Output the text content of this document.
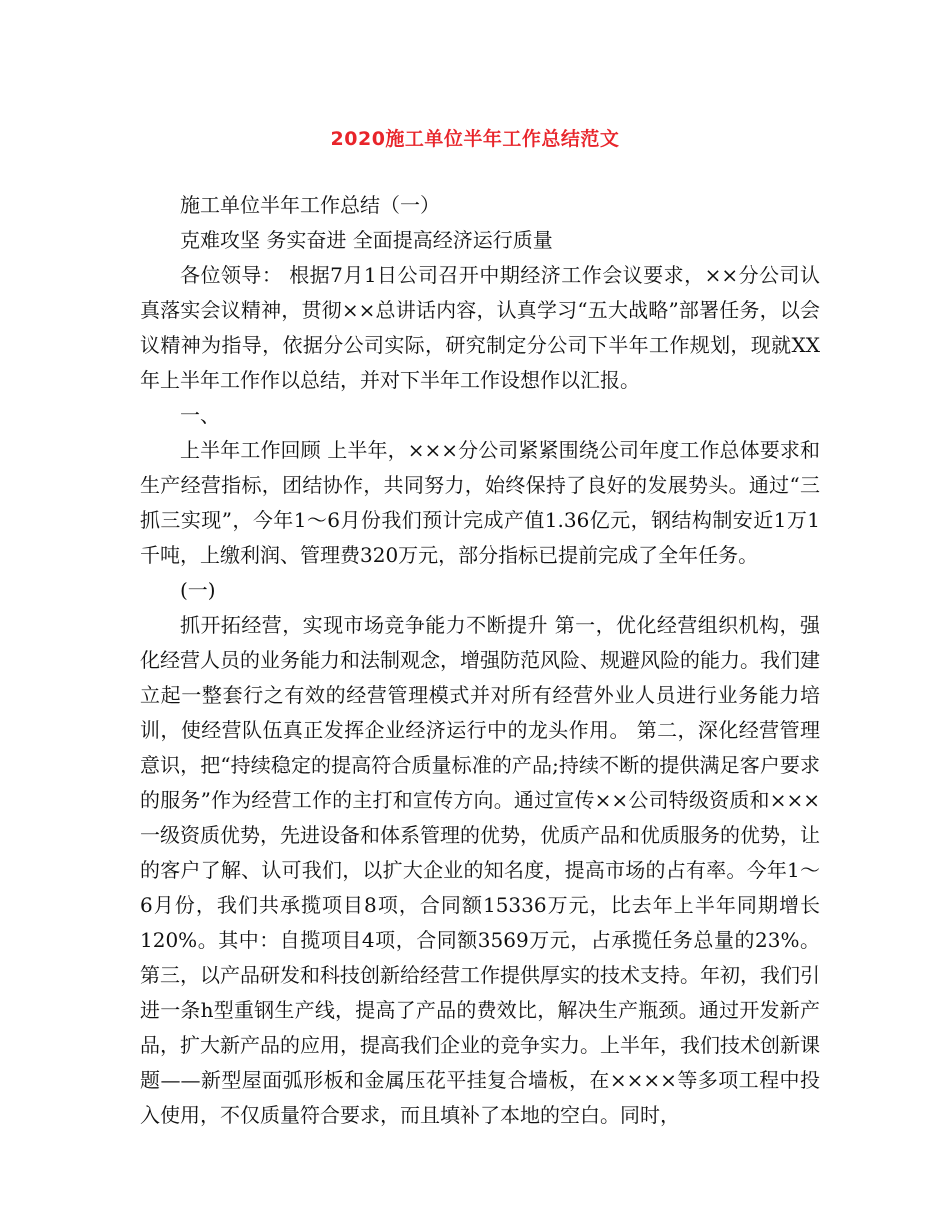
2020施工单位半年工作总结范文

施工单位半年工作总结（一）

克难攻坚 务实奋进 全面提高经济运行质量

各位领导： 根据7月1日公司召开中期经济工作会议要求，××分公司认真落实会议精神，贯彻××总讲话内容，认真学习“五大战略”部署任务，以会议精神为指导，依据分公司实际，研究制定分公司下半年工作规划，现就XX年上半年工作作以总结，并对下半年工作设想作以汇报。

一、

上半年工作回顾 上半年，×××分公司紧紧围绕公司年度工作总体要求和生产经营指标，团结协作，共同努力，始终保持了良好的发展势头。通过“三抓三实现”，今年1～6月份我们预计完成产值1.36亿元，钢结构制安近1万1千吨，上缴利润、管理费320万元，部分指标已提前完成了全年任务。

(一)

抓开拓经营，实现市场竞争能力不断提升 第一，优化经营组织机构，强化经营人员的业务能力和法制观念，增强防范风险、规避风险的能力。我们建立起一整套行之有效的经营管理模式并对所有经营外业人员进行业务能力培训，使经营队伍真正发挥企业经济运行中的龙头作用。 第二，深化经营管理意识，把“持续稳定的提高符合质量标准的产品;持续不断的提供满足客户要求的服务”作为经营工作的主打和宣传方向。通过宣传××公司特级资质和×××一级资质优势，先进设备和体系管理的优势，优质产品和优质服务的优势，让的客户了解、认可我们，以扩大企业的知名度，提高市场的占有率。今年1～6月份，我们共承揽项目8项，合同额15336万元，比去年上半年同期增长120%。其中：自揽项目4项，合同额3569万元，占承揽任务总量的23%。 第三，以产品研发和科技创新给经营工作提供厚实的技术支持。年初，我们引进一条h型重钢生产线，提高了产品的费效比，解决生产瓶颈。通过开发新产品，扩大新产品的应用，提高我们企业的竞争实力。上半年，我们技术创新课题——新型屋面弧形板和金属压花平挂复合墙板，在××××等多项工程中投入使用，不仅质量符合要求，而且填补了本地的空白。同时，
